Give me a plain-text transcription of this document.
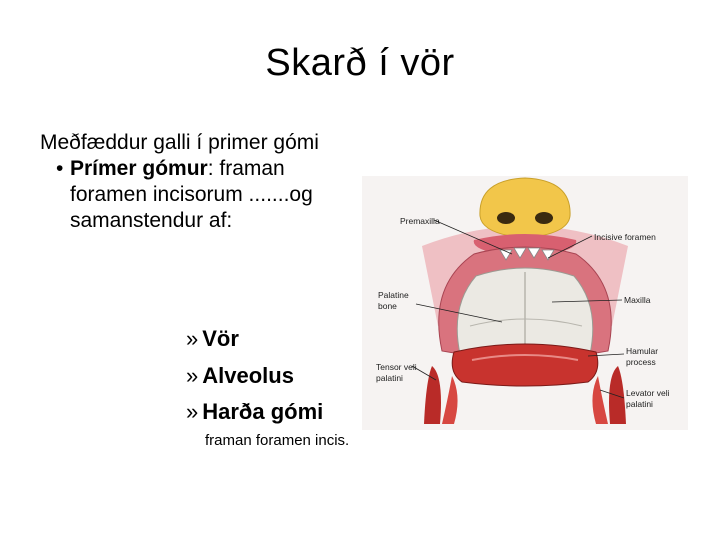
Skarð í vör

Meðfæddur galli í primer gómi

• Prímer gómur: framan foramen incisorum .......og samanstendur af:

» Vör
» Alveolus
» Harða gómi
framan foramen incis.
Premaxilla
Incisive foramen
Palatine
bone
Maxilla
Tensor veli
palatini
Hamular
process
Levator veli
palatini
